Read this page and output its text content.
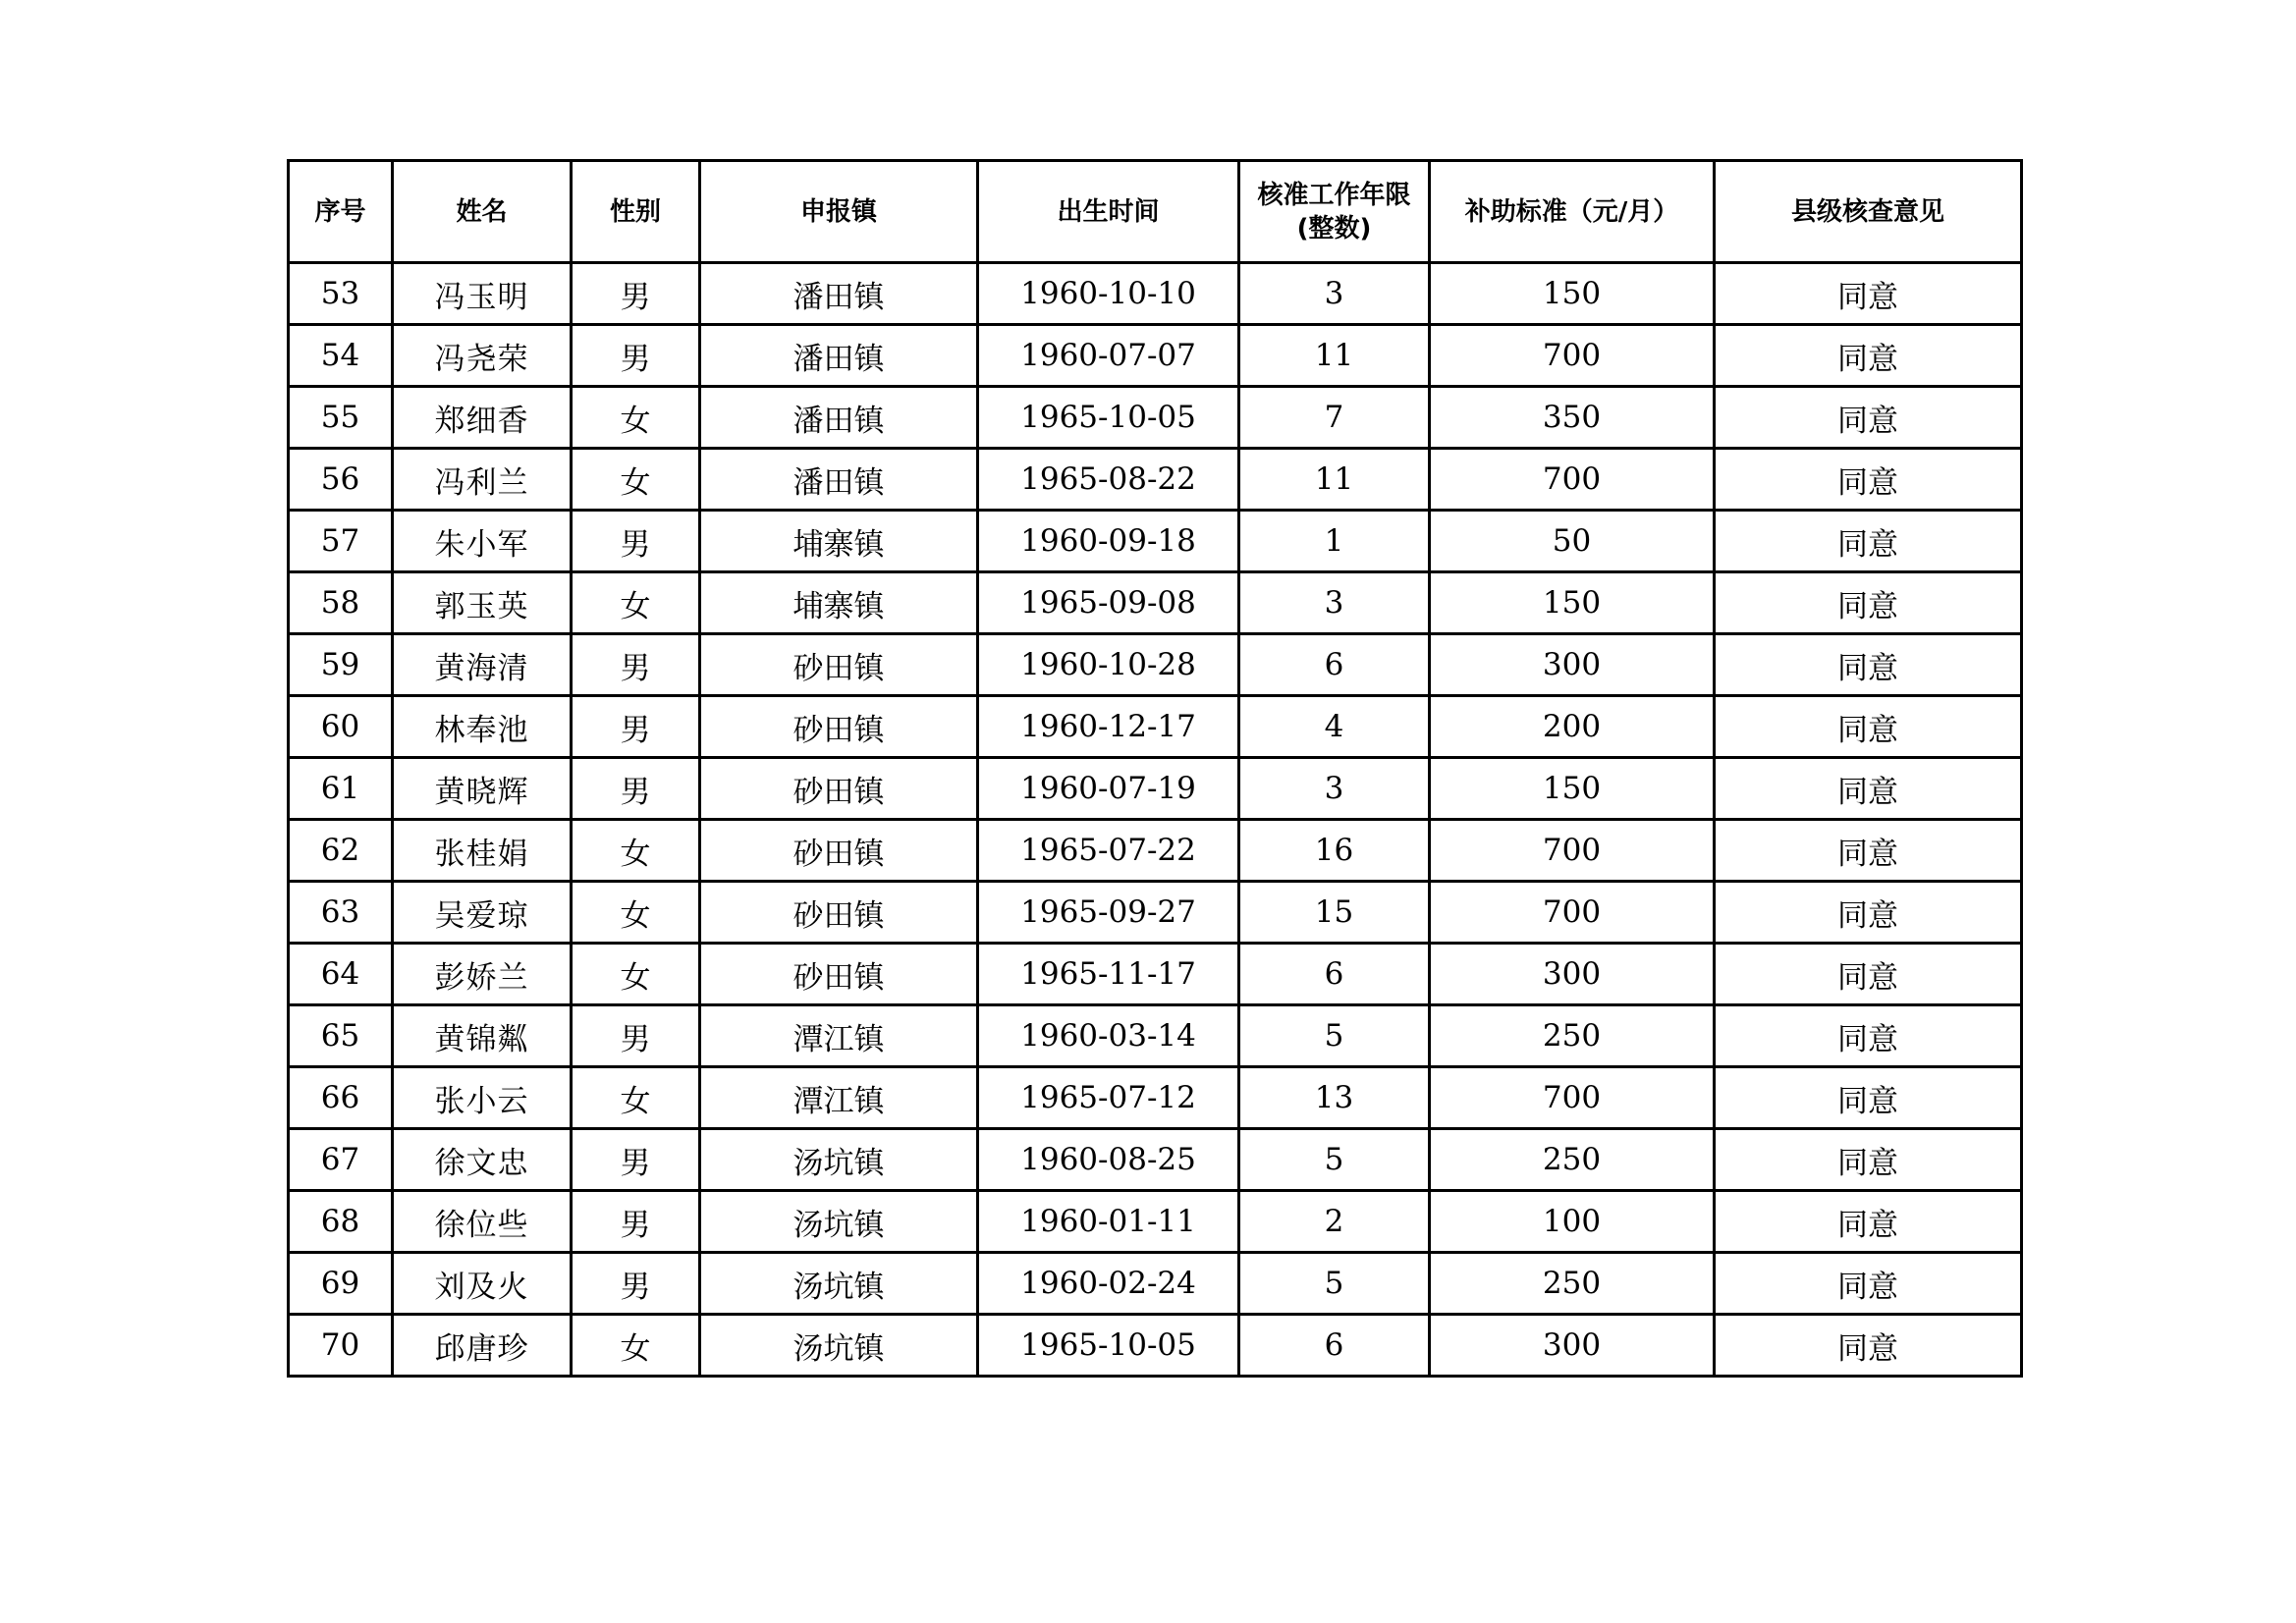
序号	姓名	性别	申报镇	出生时间	核准工作年限(整数)	补助标准（元/月）	县级核查意见
53	冯玉明	男	潘田镇	1960-10-10	3	150	同意
54	冯尧荣	男	潘田镇	1960-07-07	11	700	同意
55	郑细香	女	潘田镇	1965-10-05	7	350	同意
56	冯利兰	女	潘田镇	1965-08-22	11	700	同意
57	朱小军	男	埔寨镇	1960-09-18	1	50	同意
58	郭玉英	女	埔寨镇	1965-09-08	3	150	同意
59	黄海清	男	砂田镇	1960-10-28	6	300	同意
60	林奉池	男	砂田镇	1960-12-17	4	200	同意
61	黄晓辉	男	砂田镇	1960-07-19	3	150	同意
62	张桂娟	女	砂田镇	1965-07-22	16	700	同意
63	吴爱琼	女	砂田镇	1965-09-27	15	700	同意
64	彭娇兰	女	砂田镇	1965-11-17	6	300	同意
65	黄锦粼	男	潭江镇	1960-03-14	5	250	同意
66	张小云	女	潭江镇	1965-07-12	13	700	同意
67	徐文忠	男	汤坑镇	1960-08-25	5	250	同意
68	徐位些	男	汤坑镇	1960-01-11	2	100	同意
69	刘及火	男	汤坑镇	1960-02-24	5	250	同意
70	邱唐珍	女	汤坑镇	1965-10-05	6	300	同意
